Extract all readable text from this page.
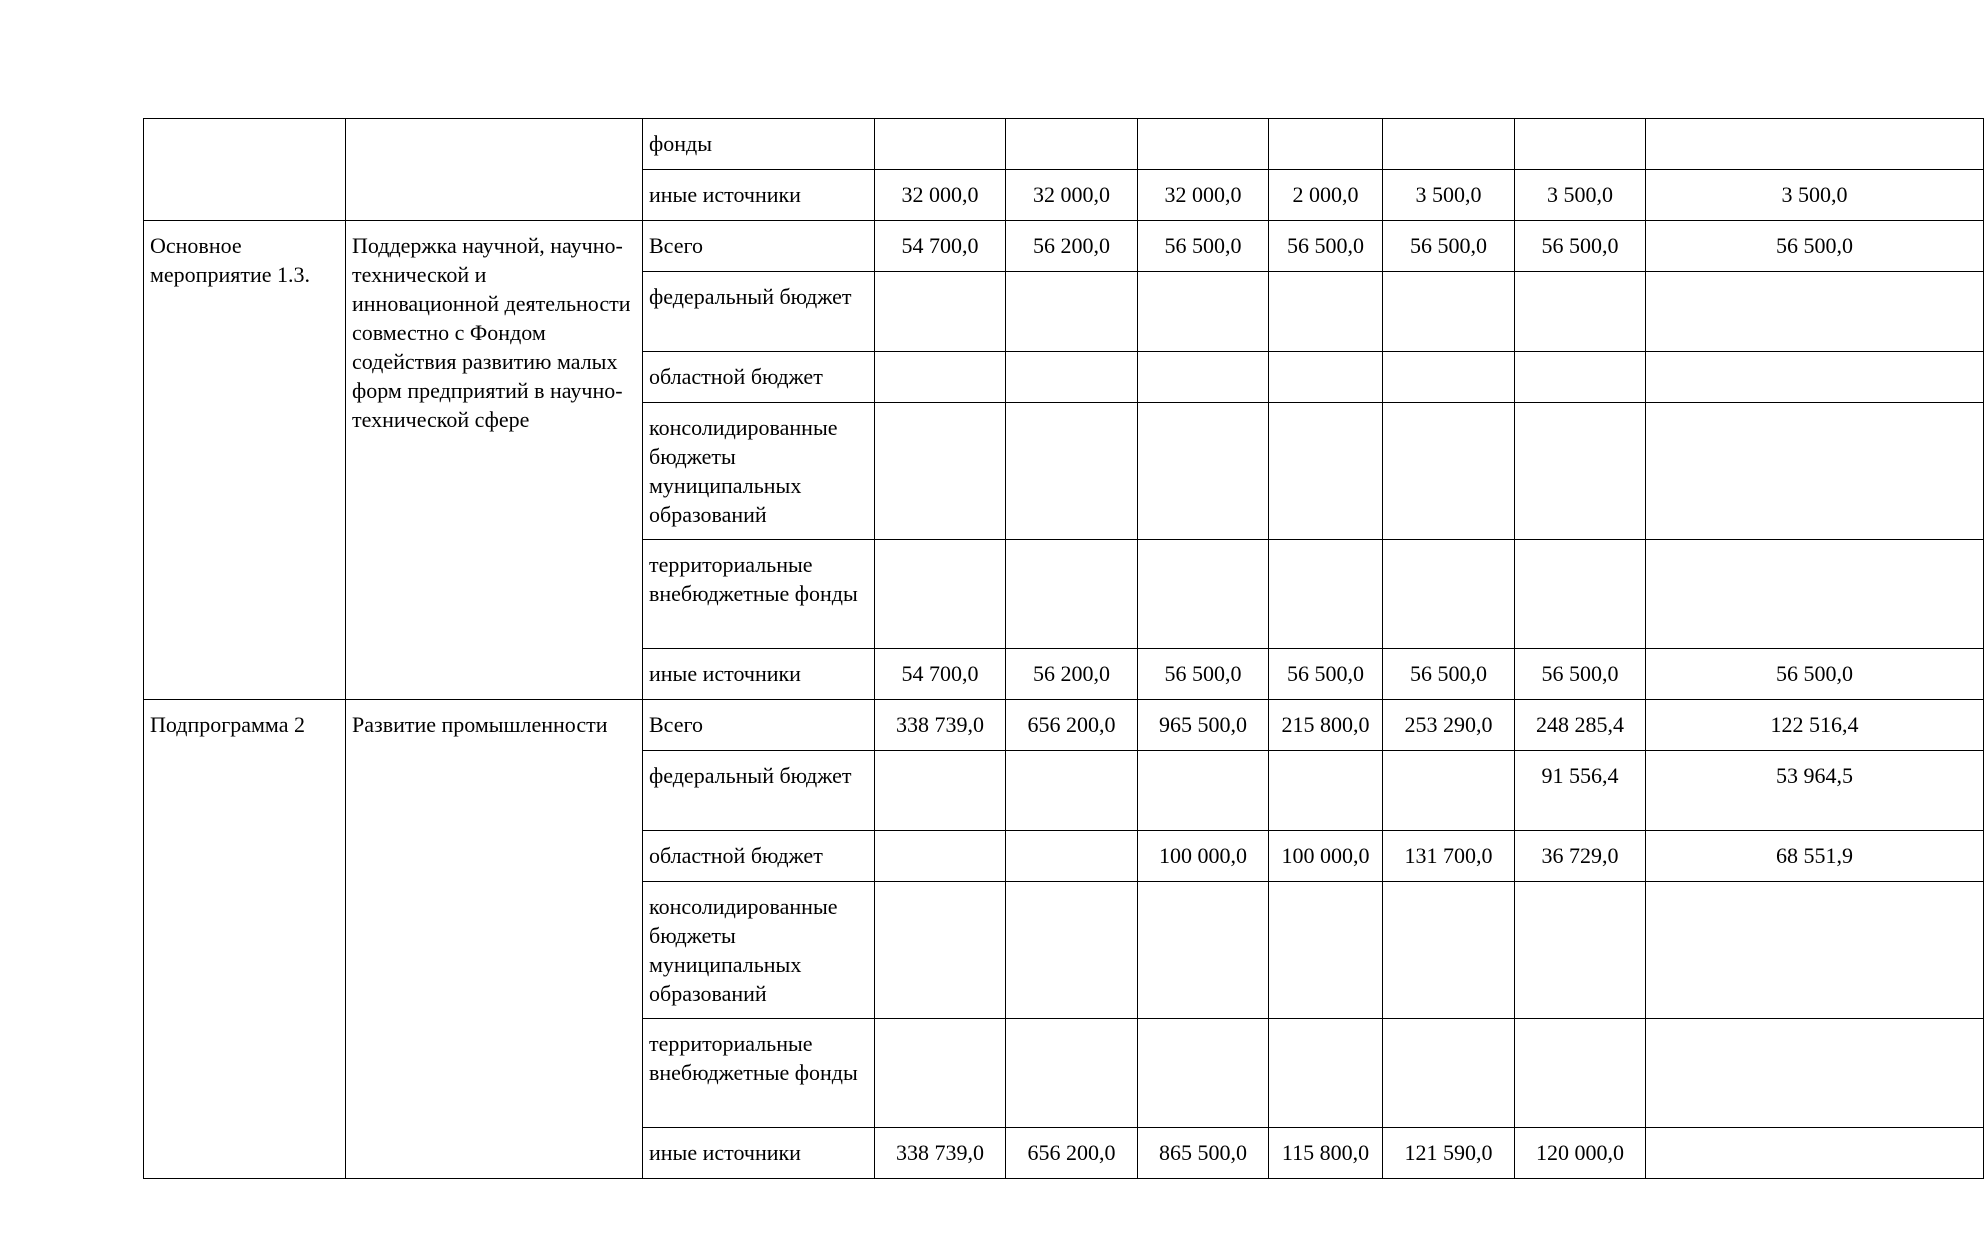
		фонды							
		иные источники	32 000,0	32 000,0	32 000,0	2 000,0	3 500,0	3 500,0	3 500,0
Основное мероприятие 1.3.	Поддержка научной, научно-технической и инновационной деятельности совместно с Фондом содействия развитию малых форм предприятий в научно-технической сфере	Всего	54 700,0	56 200,0	56 500,0	56 500,0	56 500,0	56 500,0	56 500,0
		федеральный бюджет							
		областной бюджет							
		консолидированные бюджеты муниципальных образований							
		территориальные внебюджетные фонды							
		иные источники	54 700,0	56 200,0	56 500,0	56 500,0	56 500,0	56 500,0	56 500,0
Подпрограмма 2	Развитие промышленности	Всего	338 739,0	656 200,0	965 500,0	215 800,0	253 290,0	248 285,4	122 516,4
		федеральный бюджет						91 556,4	53 964,5
		областной бюджет			100 000,0	100 000,0	131 700,0	36 729,0	68 551,9
		консолидированные бюджеты муниципальных образований							
		территориальные внебюджетные фонды							
		иные источники	338 739,0	656 200,0	865 500,0	115 800,0	121 590,0	120 000,0	
